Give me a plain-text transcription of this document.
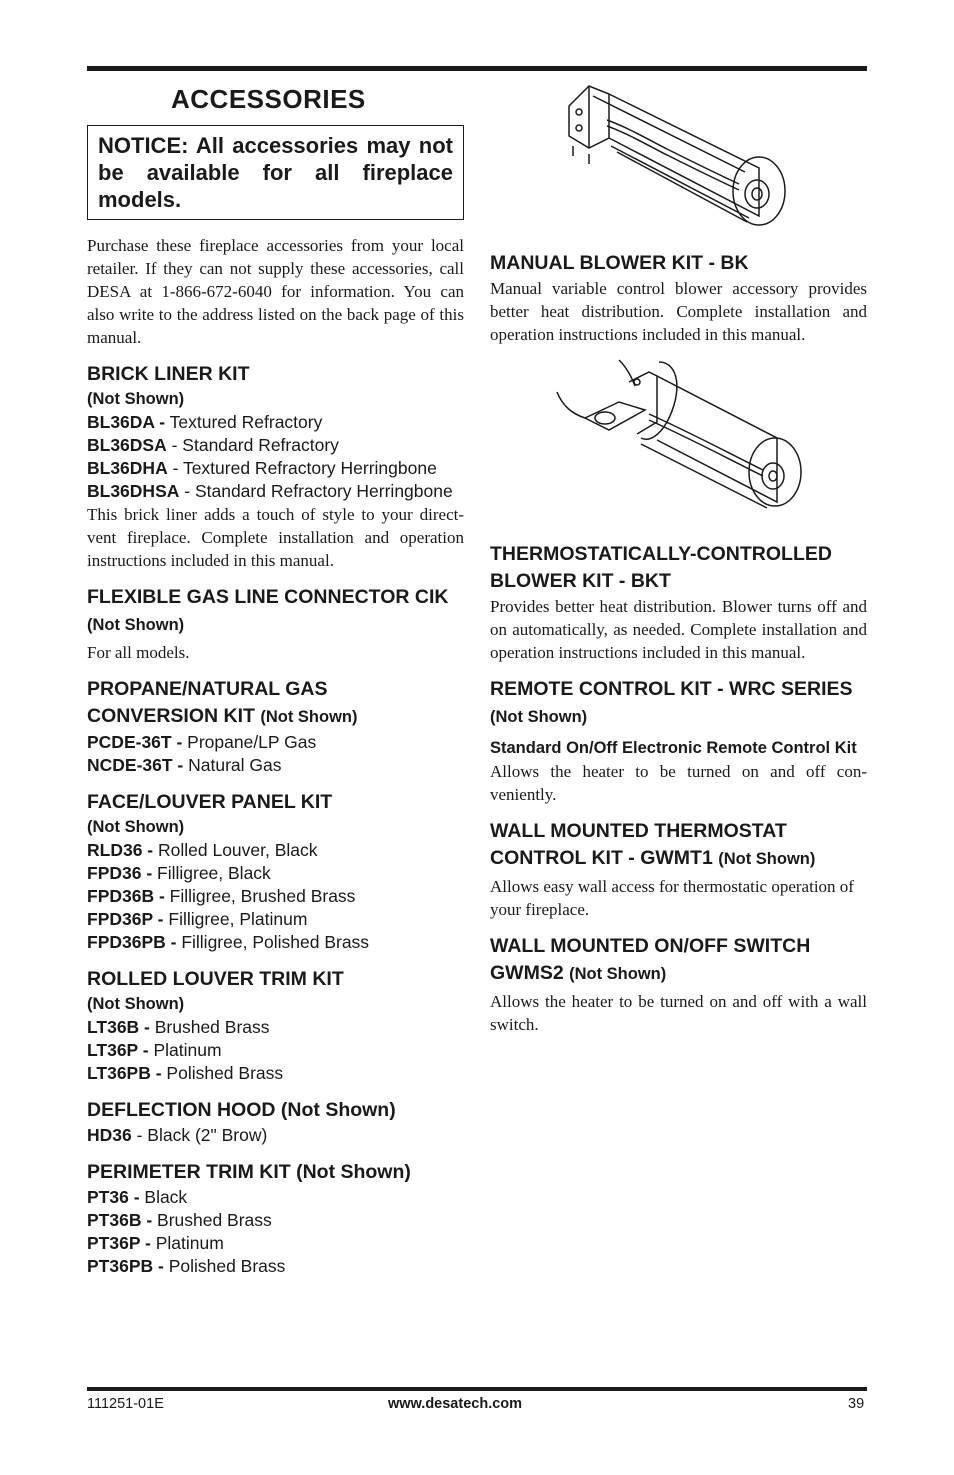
ACCESSORIES
NOTICE: All accessories may not be available for all fireplace models.
Purchase these fireplace accessories from your local retailer. If they can not supply these accessories, call DESA at 1-866-672-6040 for information. You can also write to the address listed on the back page of this manual.
BRICK LINER KIT
(Not Shown)
BL36DA - Textured Refractory
BL36DSA - Standard Refractory
BL36DHA - Textured Refractory Herringbone
BL36DHSA - Standard Refractory Herringbone
This brick liner adds a touch of style to your direct-vent fireplace. Complete installation and operation instructions included in this manual.
FLEXIBLE GAS LINE CONNECTOR CIK (Not Shown)
For all models.
PROPANE/NATURAL GAS CONVERSION KIT (Not Shown)
PCDE-36T - Propane/LP Gas
NCDE-36T - Natural Gas
FACE/LOUVER PANEL KIT
(Not Shown)
RLD36 - Rolled Louver, Black
FPD36 - Filligree, Black
FPD36B - Filligree, Brushed Brass
FPD36P - Filligree, Platinum
FPD36PB - Filligree, Polished Brass
ROLLED LOUVER TRIM KIT
(Not Shown)
LT36B - Brushed Brass
LT36P - Platinum
LT36PB - Polished Brass
DEFLECTION HOOD (Not Shown)
HD36 - Black (2" Brow)
PERIMETER TRIM KIT (Not Shown)
PT36 - Black
PT36B - Brushed Brass
PT36P - Platinum
PT36PB - Polished Brass
MANUAL BLOWER KIT - BK
Manual variable control blower accessory provides better heat distribution. Complete installation and operation instructions included in this manual.
THERMOSTATICALLY-CONTROLLED BLOWER KIT - BKT
Provides better heat distribution. Blower turns off and on automatically, as needed. Complete installation and operation instructions included in this manual.
REMOTE CONTROL KIT - WRC SERIES (Not Shown)
Standard On/Off Electronic Remote Control Kit
Allows the heater to be turned on and off con-veniently.
WALL MOUNTED THERMOSTAT CONTROL KIT - GWMT1 (Not Shown)
Allows easy wall access for thermostatic operation of your fireplace.
WALL MOUNTED ON/OFF SWITCH GWMS2 (Not Shown)
Allows the heater to be turned on and off with a wall switch.
111251-01E	www.desatech.com	39
